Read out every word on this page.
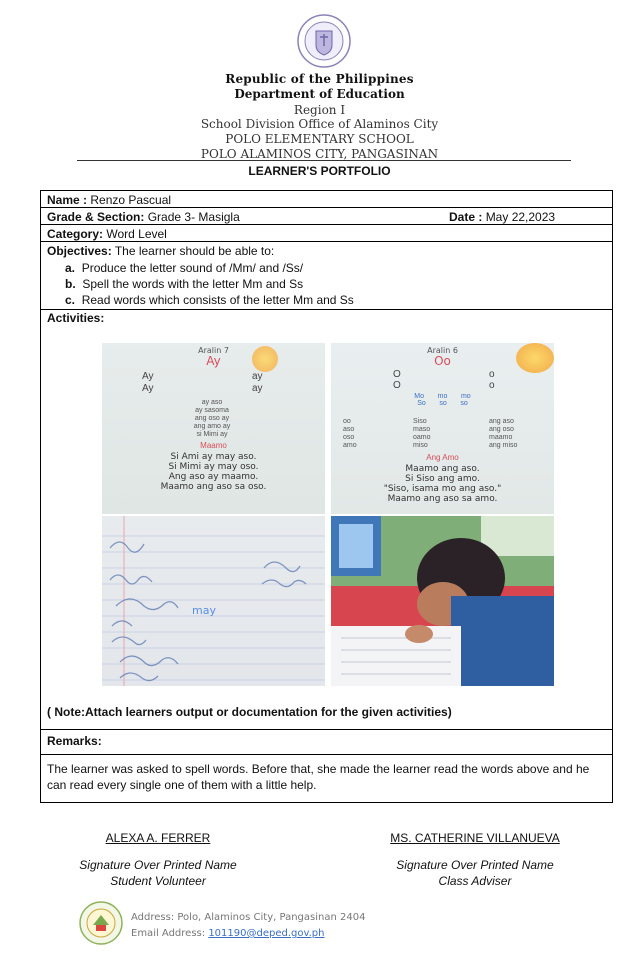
Republic of the Philippines
Department of Education
Region I
School Division Office of Alaminos City
POLO ELEMENTARY SCHOOL
POLO ALAMINOS CITY, PANGASINAN
LEARNER'S PORTFOLIO
Name : Renzo Pascual
Grade & Section: Grade 3- Masigla	Date : May 22,2023
Category: Word Level
Objectives: The learner should be able to:
a. Produce the letter sound of /Mm/ and /Ss/
b. Spell the words with the letter Mm and Ss
c. Read words which consists of the letter Mm and Ss
Activities:
Aralin 7
Ay
Ay	ay
Ay	ay
ay aso
ay sasoma
ang oso ay
ang amo ay
si Mimi ay
Maamo
Si Ami ay may aso.
Si Mimi ay may oso.
Ang aso ay maamo.
Maamo ang aso sa oso.
Aralin 6
Oo
O
O
o
o
Mo       mo       mo
So       so       so
oo
aso
oso
amo
Siso
maso
oamo
miso
ang aso
ang oso
maamo
ang miso
Ang Amo
Maamo ang aso.
Si Siso ang amo.
"Siso, isama mo ang aso."
Maamo ang aso sa amo.
may
( Note:Attach learners output or documentation for the given activities)
Remarks:
The learner was asked to spell words. Before that, she made the learner read the words above and he can read every single one of them with a little help.
ALEXA A. FERRER
Signature Over Printed Name
Student Volunteer
MS. CATHERINE VILLANUEVA
Signature Over Printed Name
Class Adviser
Address: Polo, Alaminos City, Pangasinan 2404
Email Address: 101190@deped.gov.ph
